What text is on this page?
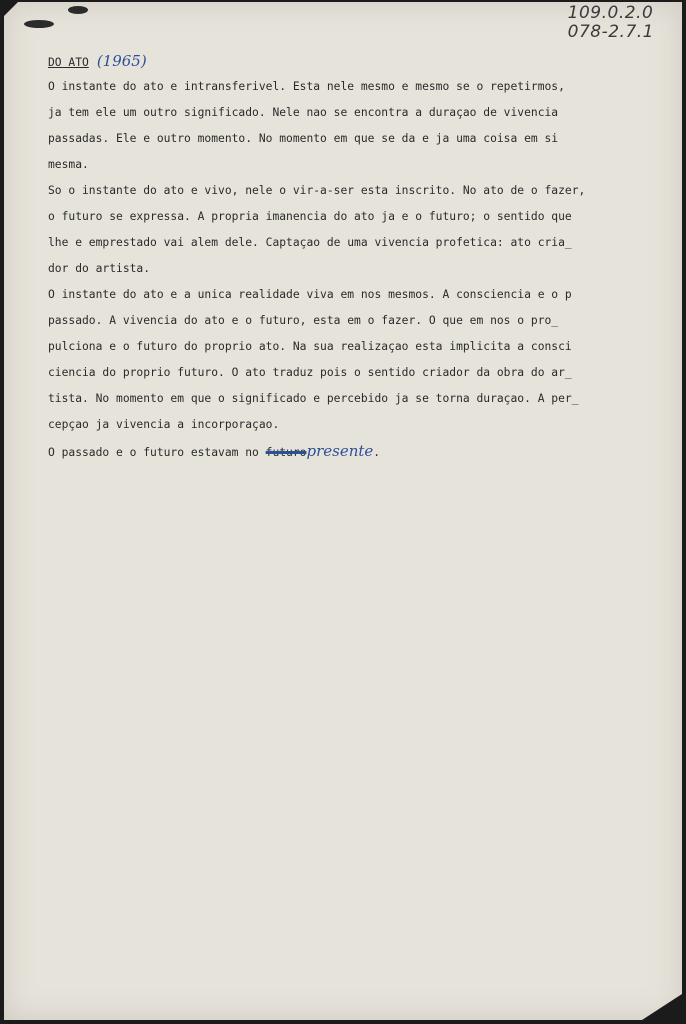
109.0.2.0
078-2.7.1
DO ATO (1965)
O instante do ato e intransferivel. Esta nele mesmo e mesmo se o repetirmos,
ja tem ele um outro significado. Nele nao se encontra a duraçao de vivencia
passadas. Ele e outro momento. No momento em que se da e ja uma coisa em si
mesma.
So o instante do ato e vivo, nele o vir-a-ser esta inscrito. No ato de o fazer,
o futuro se expressa. A propria imanencia do ato ja e o futuro; o sentido que
lhe e emprestado vai alem dele. Captaçao de uma vivencia profetica: ato cria_
dor do artista.
O instante do ato e a unica realidade viva em nos mesmos. A consciencia e o p
passado. A vivencia do ato e o futuro, esta em o fazer. O que em nos o pro_
pulciona e o futuro do proprio ato. Na sua realizaçao esta implicita a consci
ciencia do proprio futuro. O ato traduz pois o sentido criador da obra do ar_
tista. No momento em que o significado e percebido ja se torna duraçao. A per_
cepçao ja vivencia a incorporaçao.
O passado e o futuro estavam no futuropresente.
